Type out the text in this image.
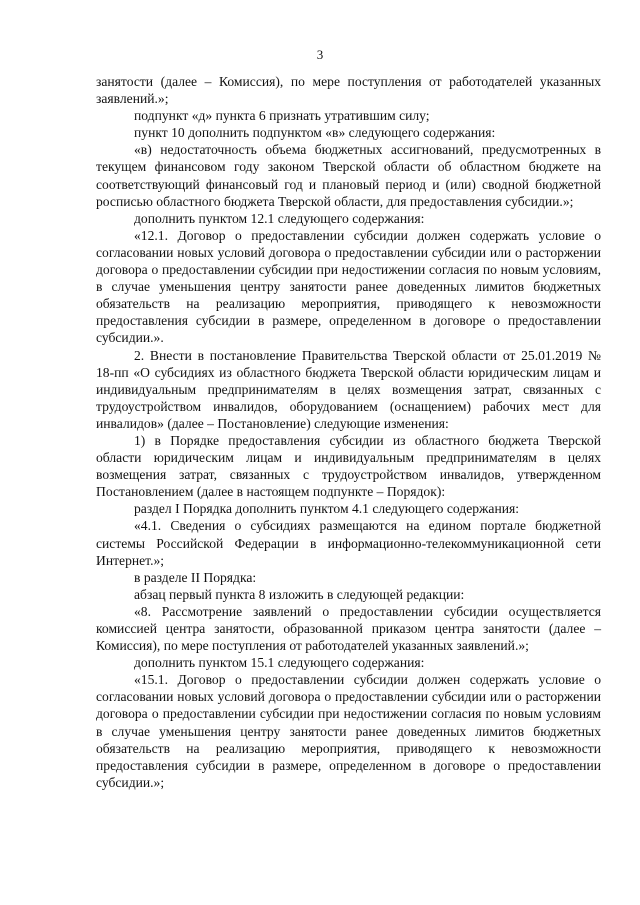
3

занятости (далее – Комиссия), по мере поступления от работодателей указанных заявлений.»;

подпункт «д» пункта 6 признать утратившим силу;

пункт 10 дополнить подпунктом «в» следующего содержания:

«в) недостаточность объема бюджетных ассигнований, предусмотренных в текущем финансовом году законом Тверской области об областном бюджете на соответствующий финансовый год и плановый период и (или) сводной бюджетной росписью областного бюджета Тверской области, для предоставления субсидии.»;

дополнить пунктом 12.1 следующего содержания:

«12.1. Договор о предоставлении субсидии должен содержать условие о согласовании новых условий договора о предоставлении субсидии или о расторжении договора о предоставлении субсидии при недостижении согласия по новым условиям, в случае уменьшения центру занятости ранее доведенных лимитов бюджетных обязательств на реализацию мероприятия, приводящего к невозможности предоставления субсидии в размере, определенном в договоре о предоставлении субсидии.».

2. Внести в постановление Правительства Тверской области от 25.01.2019 № 18-пп «О субсидиях из областного бюджета Тверской области юридическим лицам и индивидуальным предпринимателям в целях возмещения затрат, связанных с трудоустройством инвалидов, оборудованием (оснащением) рабочих мест для инвалидов» (далее – Постановление) следующие изменения:

1) в Порядке предоставления субсидии из областного бюджета Тверской области юридическим лицам и индивидуальным предпринимателям в целях возмещения затрат, связанных с трудоустройством инвалидов, утвержденном Постановлением (далее в настоящем подпункте – Порядок):

раздел I Порядка дополнить пунктом 4.1 следующего содержания:

«4.1. Сведения о субсидиях размещаются на едином портале бюджетной системы Российской Федерации в информационно-телекоммуникационной сети Интернет.»;

в разделе II Порядка:

абзац первый пункта 8 изложить в следующей редакции:

«8. Рассмотрение заявлений о предоставлении субсидии осуществляется комиссией центра занятости, образованной приказом центра занятости (далее – Комиссия), по мере поступления от работодателей указанных заявлений.»;

дополнить пунктом 15.1 следующего содержания:

«15.1. Договор о предоставлении субсидии должен содержать условие о согласовании новых условий договора о предоставлении субсидии или о расторжении договора о предоставлении субсидии при недостижении согласия по новым условиям в случае уменьшения центру занятости ранее доведенных лимитов бюджетных обязательств на реализацию мероприятия, приводящего к невозможности предоставления субсидии в размере, определенном в договоре о предоставлении субсидии.»;
